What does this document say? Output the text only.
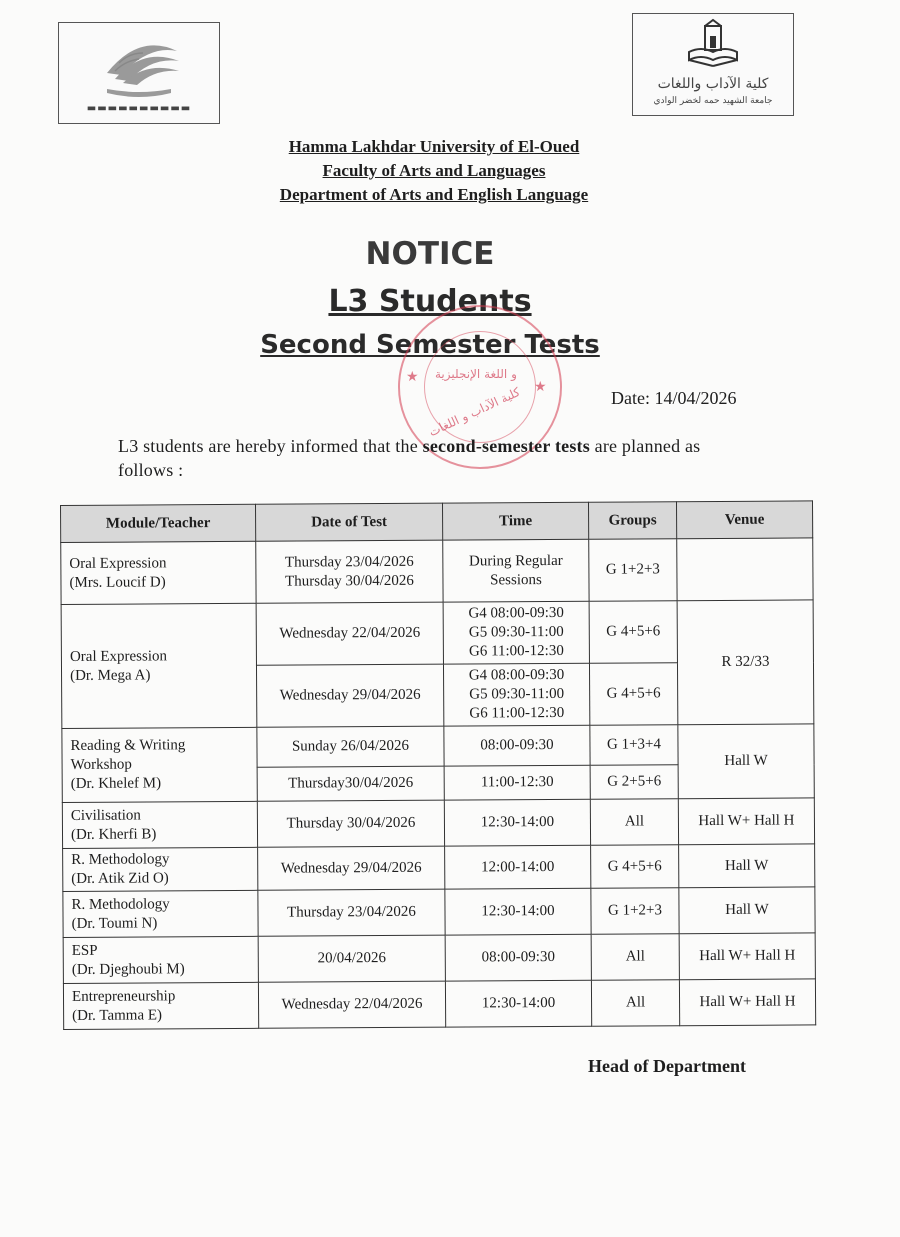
▬▬▬▬▬▬▬▬▬▬
كلية الآداب واللغات
جامعة الشهيد حمه لخضر الوادي
Hamma Lakhdar University of El-Oued
Faculty of Arts and Languages
Department of Arts and English Language
NOTICE
L3 Students
Second Semester Tests
★
★
و اللغة الإنجليزية
كلية الآداب و اللغات	Date: 14/04/2026
L3 students are hereby informed that the second-semester tests are planned as follows :
Module/Teacher	Date of Test	Time	Groups	Venue

Oral Expression
(Mrs. Loucif D)	Thursday 23/04/2026 Thursday 30/04/2026	During Regular Sessions	G 1+2+3	

Oral Expression
(Dr. Mega A)	Wednesday 22/04/2026	G4 08:00-09:30
G5 09:30-11:00
G6 11:00-12:30	G 4+5+6	R 32/33
	Wednesday 29/04/2026	G4 08:00-09:30
G5 09:30-11:00
G6 11:00-12:30	G 4+5+6	

Reading & Writing
Workshop
(Dr. Khelef M)	Sunday 26/04/2026	08:00-09:30	G 1+3+4	Hall W
	Thursday30/04/2026	11:00-12:30	G 2+5+6	

Civilisation
(Dr. Kherfi B)	Thursday 30/04/2026	12:30-14:00	All	Hall W+ Hall H

R. Methodology
(Dr. Atik Zid O)	Wednesday 29/04/2026	12:00-14:00	G 4+5+6	Hall W

R. Methodology
(Dr. Toumi N)	Thursday 23/04/2026	12:30-14:00	G 1+2+3	Hall W

ESP
(Dr. Djeghoubi M)	20/04/2026	08:00-09:30	All	Hall W+ Hall H

Entrepreneurship
(Dr. Tamma E)	Wednesday 22/04/2026	12:30-14:00	All	Hall W+ Hall H
Head of Department
